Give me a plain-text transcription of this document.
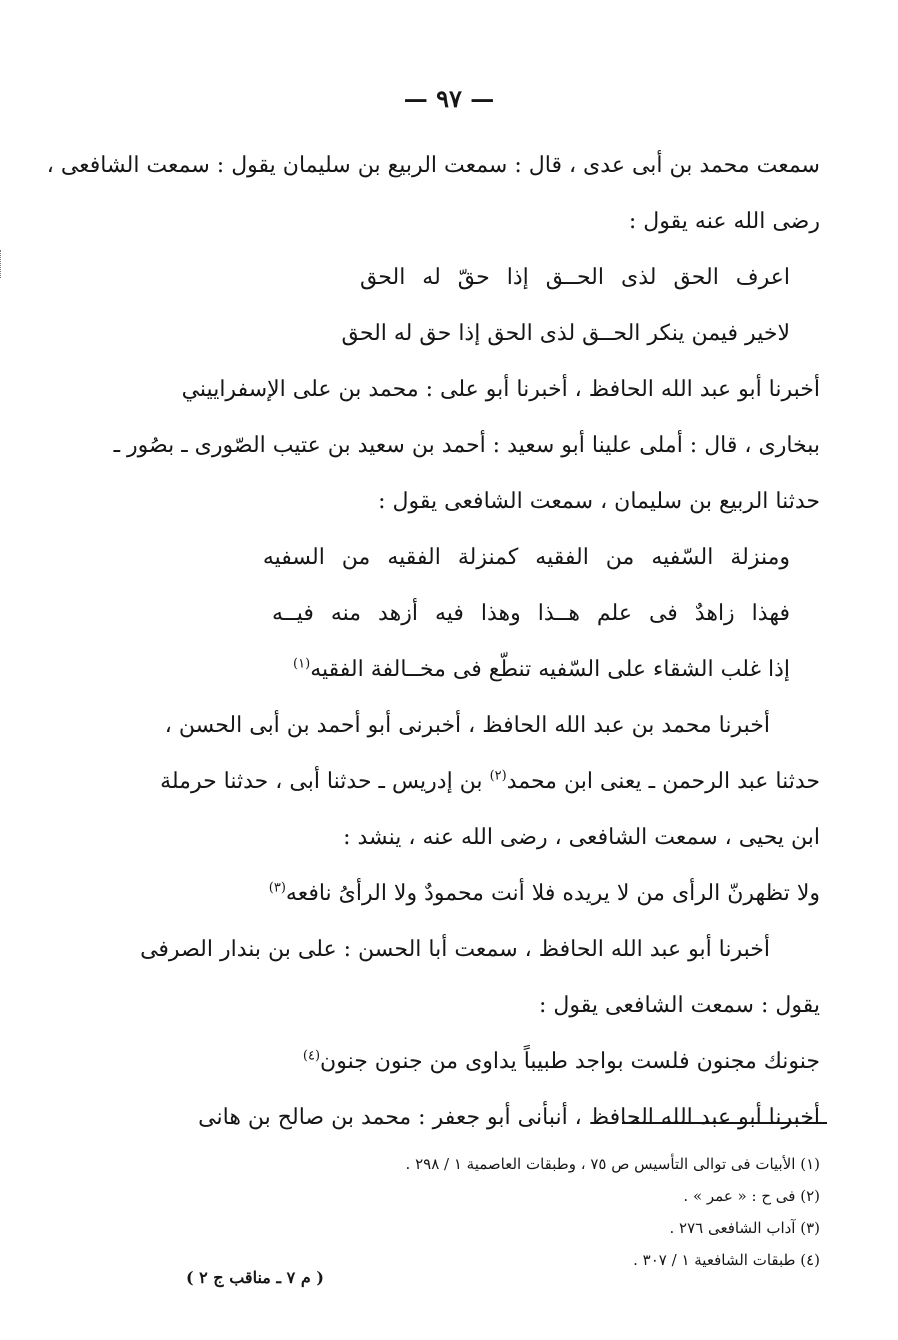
— ٩٧ —
سمعت محمد بن أبى عدى ، قال : سمعت الربيع بن سليمان يقول : سمعت الشافعى ،
رضى الله عنه يقول :
اعرف الحق لذى الحــق إذا حقّ له الحق
لاخير فيمن ينكر الحــق لذى الحق إذا حق له الحق
أخبرنا أبو عبد الله الحافظ ، أخبرنا أبو على : محمد بن على الإسفراييني
ببخارى ، قال : أملى علينا أبو سعيد : أحمد بن سعيد بن عتيب الصّورى ـ بصُور ـ
حدثنا الربيع بن سليمان ، سمعت الشافعى يقول :
ومنزلة السّفيه من الفقيه كمنزلة الفقيه من السفيه
فهذا زاهدٌ فى علم هــذا وهذا فيه أزهد منه فيــه
إذا غلب الشقاء على السّفيه تنطّع فى مخــالفة الفقيه$^{(١)}$
أخبرنا محمد بن عبد الله الحافظ ، أخبرنى أبو أحمد بن أبى الحسن ،
حدثنا عبد الرحمن ـ يعنى ابن محمد$^{(٢)}$ بن إدريس ـ حدثنا أبى ، حدثنا حرملة
ابن يحيى ، سمعت الشافعى ، رضى الله عنه ، ينشد :
ولا تظهرنّ الرأى من لا يريده فلا أنت محمودٌ ولا الرأىُ نافعه$^{(٣)}$
أخبرنا أبو عبد الله الحافظ ، سمعت أبا الحسن : على بن بندار الصرفى
يقول : سمعت الشافعى يقول :
جنونك مجنون فلست بواجد طبيباً يداوى من جنون جنون$^{(٤)}$
أخبرنا أبو عبد الله الحافظ ، أنبأنى أبو جعفر : محمد بن صالح بن هانى
(١) الأبيات فى توالى التأسيس ص ٧٥ ، وطبقات العاصمية ١ / ٢٩٨ .
(٢) فى ح : « عمر » .
(٣) آداب الشافعى ٢٧٦ .
(٤) طبقات الشافعية ١ / ٣٠٧ .
( م ٧ ـ مناقب ج ٢ )
